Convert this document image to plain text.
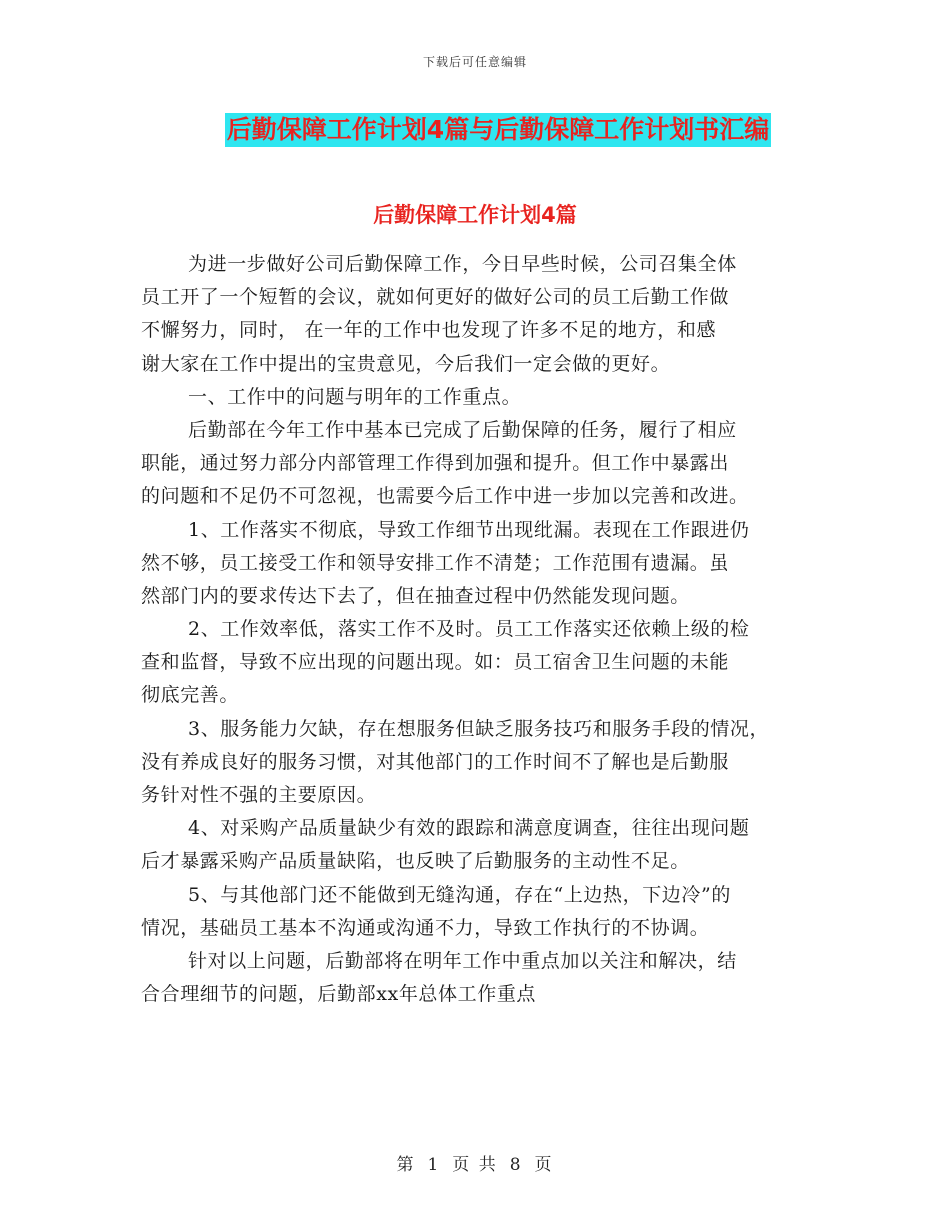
下载后可任意编辑
后勤保障工作计划4篇与后勤保障工作计划书汇编
后勤保障工作计划4篇
为进一步做好公司后勤保障工作，今日早些时候，公司召集全体
员工开了一个短暂的会议，就如何更好的做好公司的员工后勤工作做
不懈努力，同时， 在一年的工作中也发现了许多不足的地方，和感
谢大家在工作中提出的宝贵意见，今后我们一定会做的更好。
一、工作中的问题与明年的工作重点。
后勤部在今年工作中基本已完成了后勤保障的任务，履行了相应
职能，通过努力部分内部管理工作得到加强和提升。但工作中暴露出
的问题和不足仍不可忽视，也需要今后工作中进一步加以完善和改进。
1、工作落实不彻底，导致工作细节出现纰漏。表现在工作跟进仍
然不够，员工接受工作和领导安排工作不清楚；工作范围有遗漏。虽
然部门内的要求传达下去了，但在抽查过程中仍然能发现问题。
2、工作效率低，落实工作不及时。员工工作落实还依赖上级的检
查和监督，导致不应出现的问题出现。如：员工宿舍卫生问题的未能
彻底完善。
3、服务能力欠缺，存在想服务但缺乏服务技巧和服务手段的情况，
没有养成良好的服务习惯，对其他部门的工作时间不了解也是后勤服
务针对性不强的主要原因。
4、对采购产品质量缺少有效的跟踪和满意度调查，往往出现问题
后才暴露采购产品质量缺陷，也反映了后勤服务的主动性不足。
5、与其他部门还不能做到无缝沟通，存在“上边热，下边冷”的
情况，基础员工基本不沟通或沟通不力，导致工作执行的不协调。
针对以上问题，后勤部将在明年工作中重点加以关注和解决，结
合合理细节的问题，后勤部xx年总体工作重点
第 1 页 共 8 页
